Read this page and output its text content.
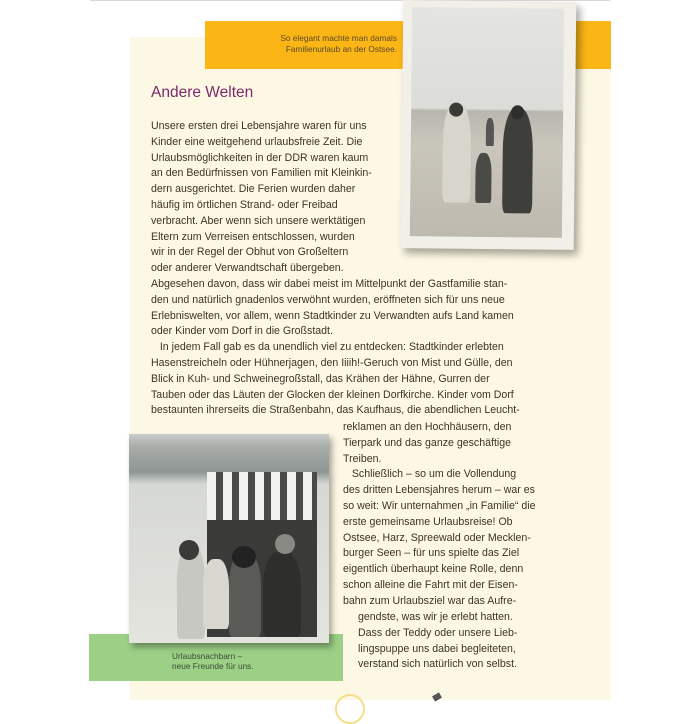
So elegant machte man damals
Familienurlaub an der Ostsee.
Andere Welten
Unsere ersten drei Lebensjahre waren für uns
Kinder eine weitgehend urlaubsfreie Zeit. Die
Urlaubsmöglichkeiten in der DDR waren kaum
an den Bedürfnissen von Familien mit Kleinkin-
dern ausgerichtet. Die Ferien wurden daher
häufig im örtlichen Strand- oder Freibad
verbracht. Aber wenn sich unsere werktätigen
Eltern zum Verreisen entschlossen, wurden
wir in der Regel der Obhut von Großeltern
oder anderer Verwandtschaft übergeben.
Abgesehen davon, dass wir dabei meist im Mittelpunkt der Gastfamilie stan-
den und natürlich gnadenlos verwöhnt wurden, eröffneten sich für uns neue
Erlebniswelten, vor allem, wenn Stadtkinder zu Verwandten aufs Land kamen
oder Kinder vom Dorf in die Großstadt.
In jedem Fall gab es da unendlich viel zu entdecken: Stadtkinder erlebten
Hasenstreicheln oder Hühnerjagen, den Iiiih!-Geruch von Mist und Gülle, den
Blick in Kuh- und Schweinegroßstall, das Krähen der Hähne, Gurren der
Tauben oder das Läuten der Glocken der kleinen Dorfkirche. Kinder vom Dorf
bestaunten ihrerseits die Straßenbahn, das Kaufhaus, die abendlichen Leucht-
reklamen an den Hochhäusern, den
Tierpark und das ganze geschäftige
Treiben.
Schließlich – so um die Vollendung
des dritten Lebensjahres herum – war es
so weit: Wir unternahmen „in Familie“ die
erste gemeinsame Urlaubsreise! Ob
Ostsee, Harz, Spreewald oder Mecklen-
burger Seen – für uns spielte das Ziel
eigentlich überhaupt keine Rolle, denn
schon alleine die Fahrt mit der Eisen-
bahn zum Urlaubsziel war das Aufre-
gendste, was wir je erlebt hatten.
Dass der Teddy oder unsere Lieb-
lingspuppe uns dabei begleiteten,
verstand sich natürlich von selbst.
Urlaubsnachbarn –
neue Freunde für uns.
